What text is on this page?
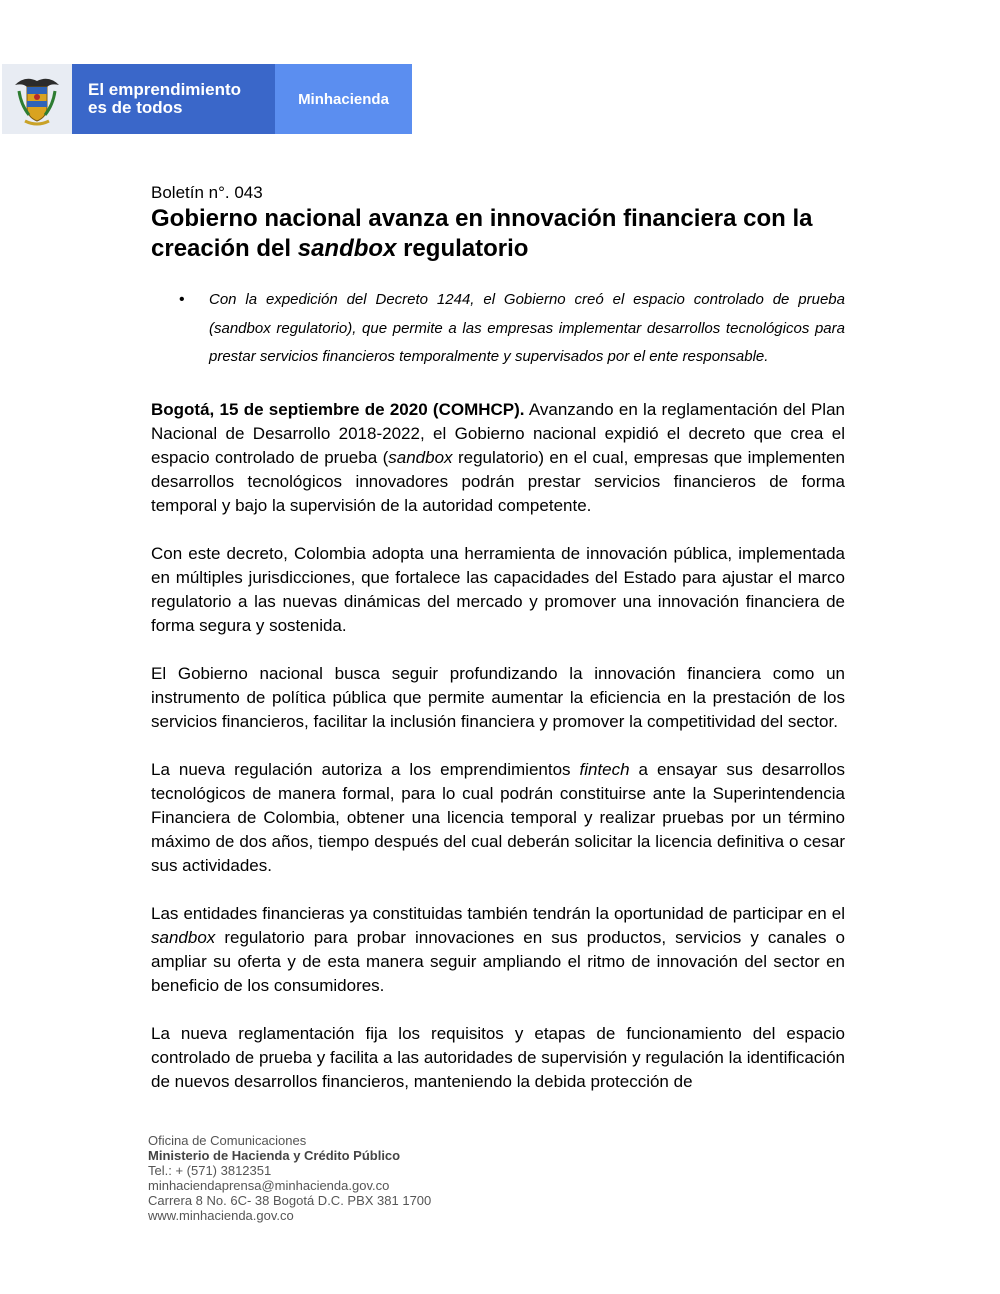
El emprendimiento
es de todos	Minhacienda

Boletín n°. 043

Gobierno nacional avanza en innovación financiera con la creación del sandbox regulatorio
• Con la expedición del Decreto 1244, el Gobierno creó el espacio controlado de prueba (sandbox regulatorio), que permite a las empresas implementar desarrollos tecnológicos para prestar servicios financieros temporalmente y supervisados por el ente responsable.

Bogotá, 15 de septiembre de 2020 (COMHCP). Avanzando en la reglamentación del Plan Nacional de Desarrollo 2018-2022, el Gobierno nacional expidió el decreto que crea el espacio controlado de prueba (sandbox regulatorio) en el cual, empresas que implementen desarrollos tecnológicos innovadores podrán prestar servicios financieros de forma temporal y bajo la supervisión de la autoridad competente.

Con este decreto, Colombia adopta una herramienta de innovación pública, implementada en múltiples jurisdicciones, que fortalece las capacidades del Estado para ajustar el marco regulatorio a las nuevas dinámicas del mercado y promover una innovación financiera de forma segura y sostenida.

El Gobierno nacional busca seguir profundizando la innovación financiera como un instrumento de política pública que permite aumentar la eficiencia en la prestación de los servicios financieros, facilitar la inclusión financiera y promover la competitividad del sector.

La nueva regulación autoriza a los emprendimientos fintech a ensayar sus desarrollos tecnológicos de manera formal, para lo cual podrán constituirse ante la Superintendencia Financiera de Colombia, obtener una licencia temporal y realizar pruebas por un término máximo de dos años, tiempo después del cual deberán solicitar la licencia definitiva o cesar sus actividades.

Las entidades financieras ya constituidas también tendrán la oportunidad de participar en el sandbox regulatorio para probar innovaciones en sus productos, servicios y canales o ampliar su oferta y de esta manera seguir ampliando el ritmo de innovación del sector en beneficio de los consumidores.

La nueva reglamentación fija los requisitos y etapas de funcionamiento del espacio controlado de prueba y facilita a las autoridades de supervisión y regulación la identificación de nuevos desarrollos financieros, manteniendo la debida protección de

Oficina de Comunicaciones
Ministerio de Hacienda y Crédito Público
Tel.: + (571) 3812351
minhaciendaprensa@minhacienda.gov.co
Carrera 8 No. 6C- 38 Bogotá D.C. PBX 381 1700
www.minhacienda.gov.co
